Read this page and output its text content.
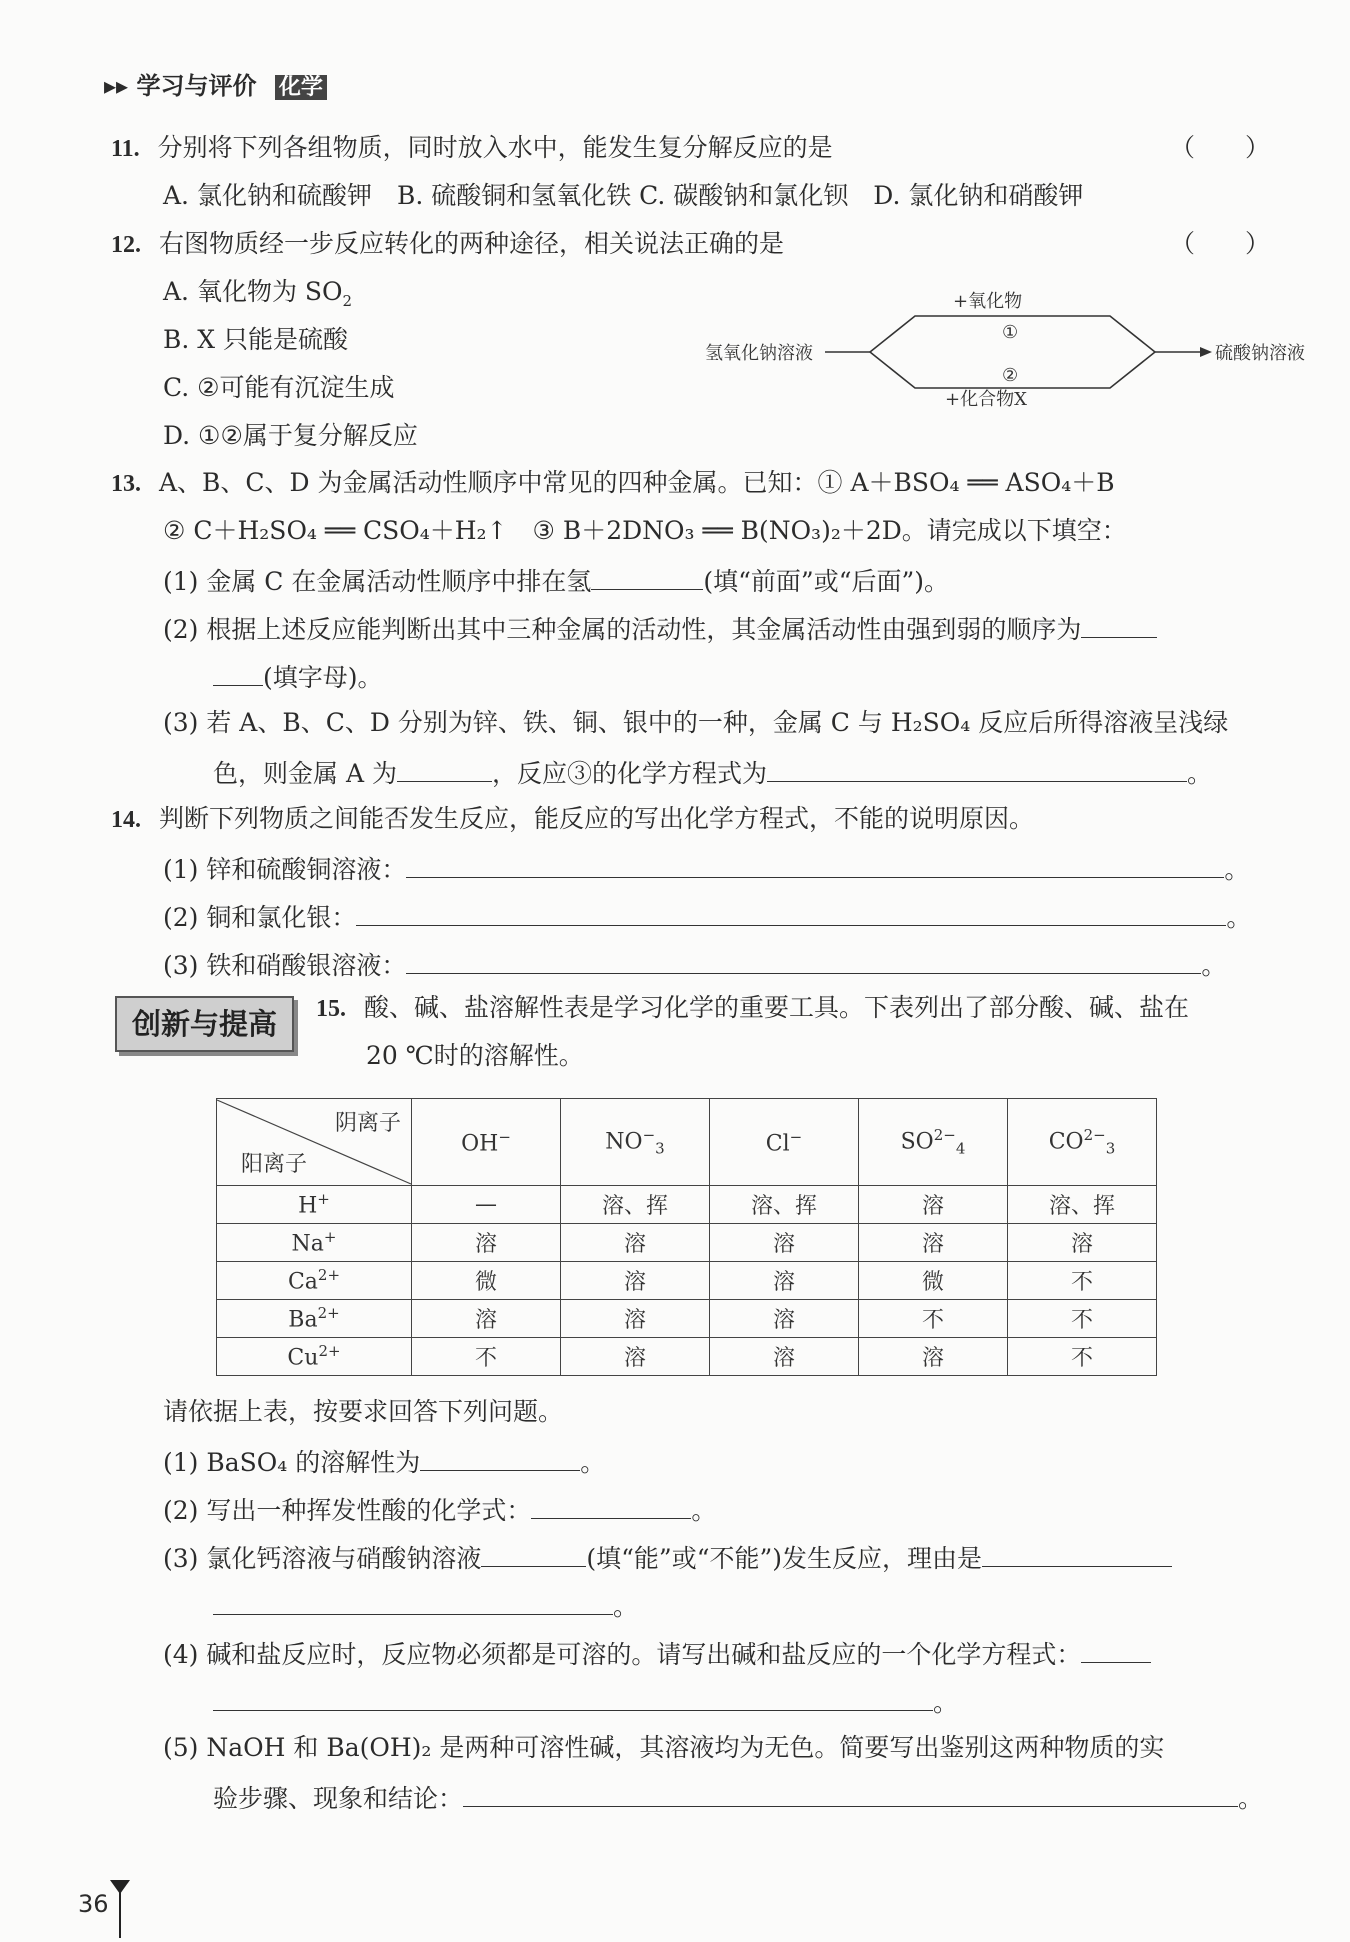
▸▸ 学习与评价 化学
11. 分别将下列各组物质，同时放入水中，能发生复分解反应的是	（　　）
A. 氯化钠和硫酸钾　B. 硫酸铜和氢氧化铁 C. 碳酸钠和氯化钡　D. 氯化钠和硝酸钾
12. 右图物质经一步反应转化的两种途径，相关说法正确的是	（　　）
A. 氧化物为 $SO_2$
B. X 只能是硫酸
C. ②可能有沉淀生成
D. ①②属于复分解反应
氢氧化钠溶液	硫酸钠溶液
+氧化物
①
②
+化合物X
13. A、B、C、D 为金属活动性顺序中常见的四种金属。已知：① A＋BSO₄ ══ ASO₄＋B
② C＋H₂SO₄ ══ CSO₄＋H₂↑　③ B＋2DNO₃ ══ B(NO₃)₂＋2D。请完成以下填空：
(1) 金属 C 在金属活动性顺序中排在氢	(填“前面”或“后面”)。
(2) 根据上述反应能判断出其中三种金属的活动性，其金属活动性由强到弱的顺序为
(填字母)。
(3) 若 A、B、C、D 分别为锌、铁、铜、银中的一种，金属 C 与 H₂SO₄ 反应后所得溶液呈浅绿
色，则金属 A 为	，反应③的化学方程式为	。
14. 判断下列物质之间能否发生反应，能反应的写出化学方程式，不能的说明原因。
(1) 锌和硫酸铜溶液：	。
(2) 铜和氯化银：	。
(3) 铁和硝酸银溶液：	。
创新与提高	15. 酸、碱、盐溶解性表是学习化学的重要工具。下表列出了部分酸、碱、盐在
20 ℃时的溶解性。
阴离子
阳离子	OH−	$NO^-_3$	Cl−	$SO^{2-}_4$	$CO^{2-}_3$
H+	—	溶、挥	溶、挥	溶	溶、挥
Na+	溶	溶	溶	溶	溶
$Ca^{2+}$	微	溶	溶	微	不
$Ba^{2+}$	溶	溶	溶	不	不
$Cu^{2+}$	不	溶	溶	溶	不
请依据上表，按要求回答下列问题。
(1) BaSO₄ 的溶解性为	。
(2) 写出一种挥发性酸的化学式：	。
(3) 氯化钙溶液与硝酸钠溶液	(填“能”或“不能”)发生反应，理由是
。
(4) 碱和盐反应时，反应物必须都是可溶的。请写出碱和盐反应的一个化学方程式：
。
(5) NaOH 和 Ba(OH)₂ 是两种可溶性碱，其溶液均为无色。简要写出鉴别这两种物质的实
验步骤、现象和结论：	。
36
